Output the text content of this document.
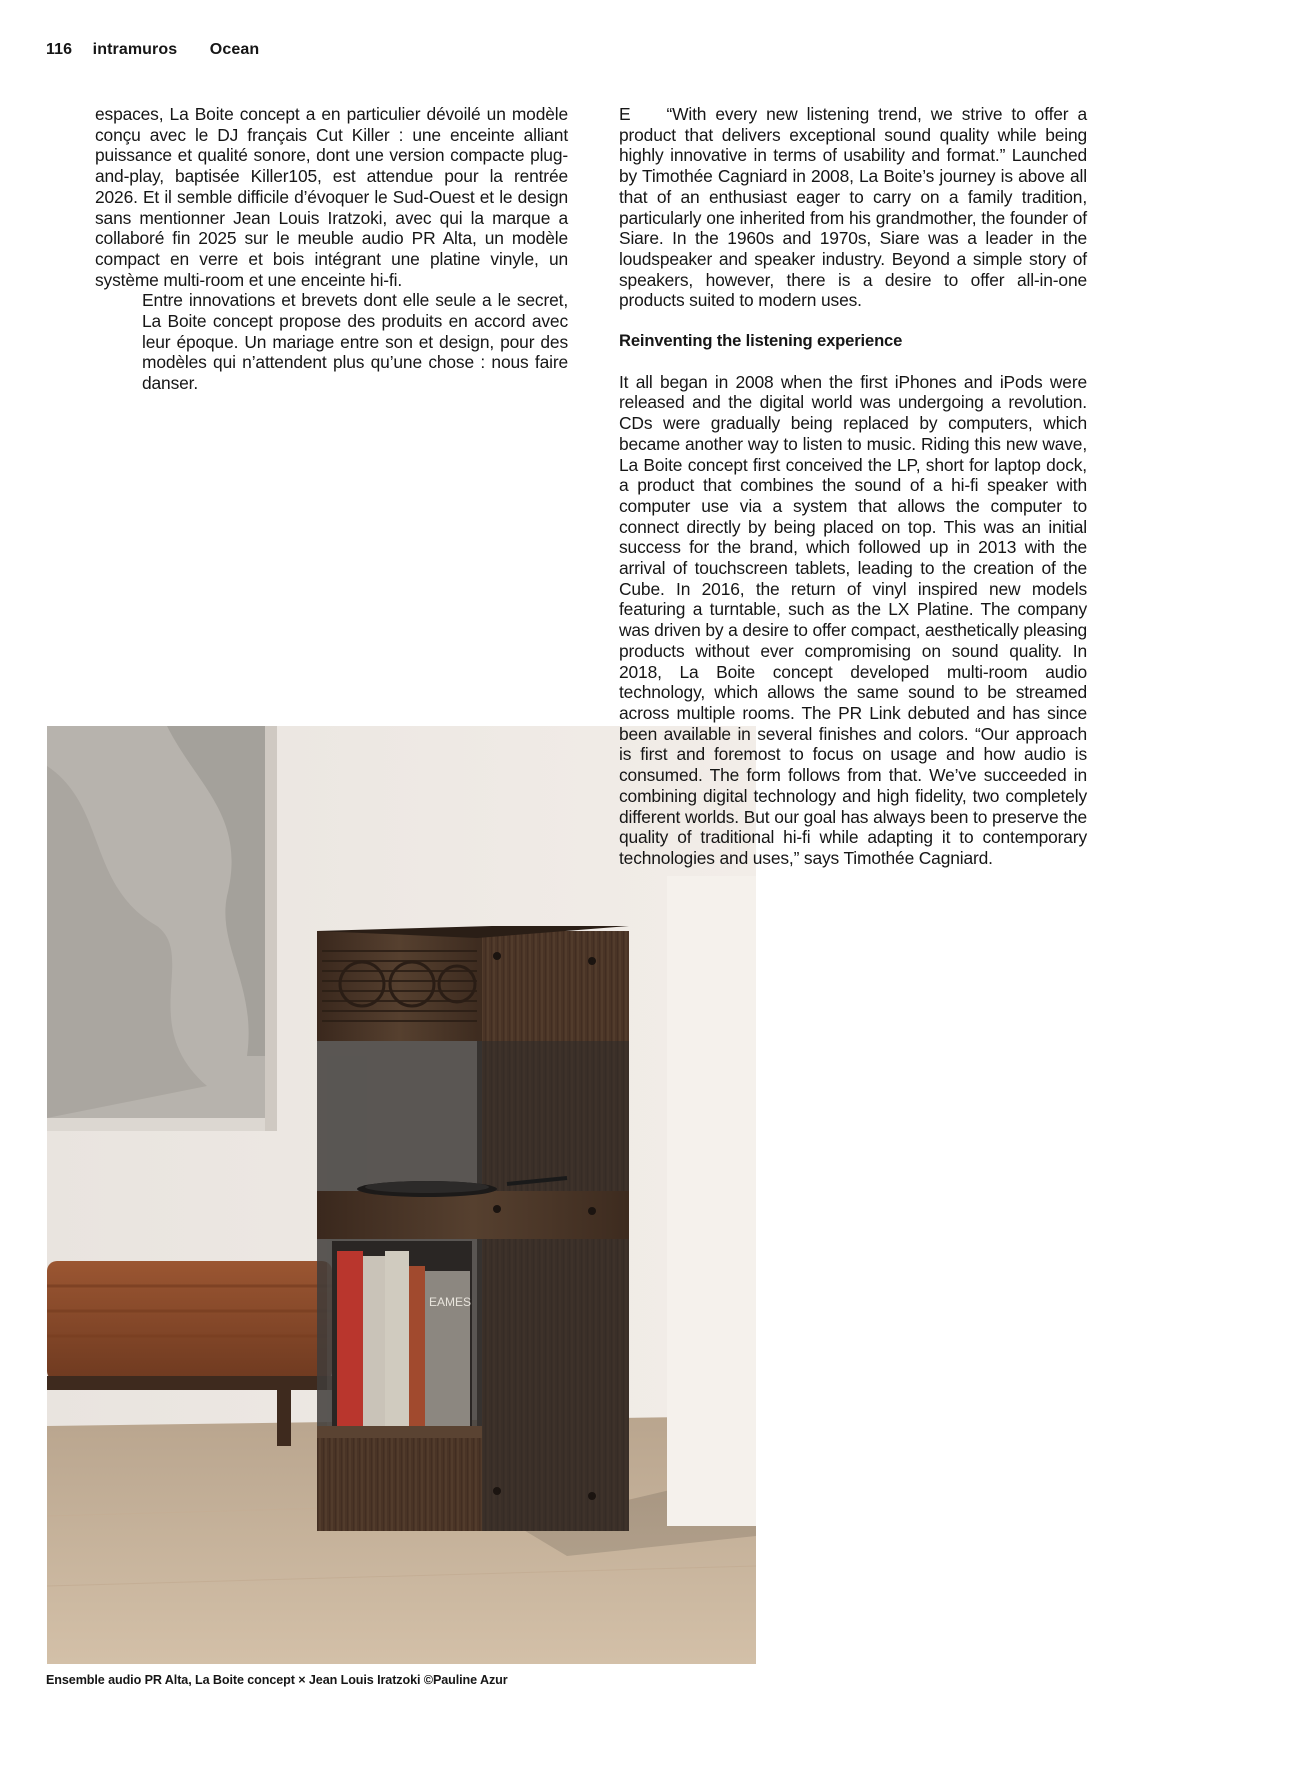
116 intramuros Ocean

espaces, La Boite concept a en particulier dévoilé un modèle conçu avec le DJ français Cut Killer : une enceinte alliant puissance et qualité sonore, dont une version compacte plug-and-play, baptisée Killer105, est attendue pour la rentrée 2026. Et il semble difficile d’évoquer le Sud-Ouest et le design sans mentionner Jean Louis Iratzoki, avec qui la marque a collaboré fin 2025 sur le meuble audio PR Alta, un modèle compact en verre et bois intégrant une platine vinyle, un système multi-room et une enceinte hi-fi.

Entre innovations et brevets dont elle seule a le secret, La Boite concept propose des produits en accord avec leur époque. Un mariage entre son et design, pour des modèles qui n’attendent plus qu’une chose : nous faire danser.

E “With every new listening trend, we strive to offer a product that delivers exceptional sound quality while being highly innovative in terms of usability and format.” Launched by Timothée Cagniard in 2008, La Boite’s journey is above all that of an enthusiast eager to carry on a family tradition, particularly one inherited from his grandmother, the founder of Siare. In the 1960s and 1970s, Siare was a leader in the loudspeaker and speaker industry. Beyond a simple story of speakers, however, there is a desire to offer all-in-one products suited to modern uses.

Reinventing the listening experience

It all began in 2008 when the first iPhones and iPods were released and the digital world was undergoing a revolution. CDs were gradually being replaced by computers, which became another way to listen to music. Riding this new wave, La Boite concept first conceived the LP, short for laptop dock, a product that combines the sound of a hi-fi speaker with computer use via a system that allows the computer to connect directly by being placed on top. This was an initial success for the brand, which followed up in 2013 with the arrival of touchscreen tablets, leading to the creation of the Cube. In 2016, the return of vinyl inspired new models featuring a turntable, such as the LX Platine. The company was driven by a desire to offer compact, aesthetically pleasing products without ever compromising on sound quality. In 2018, La Boite concept developed multi-room audio technology, which allows the same sound to be streamed across multiple rooms. The PR Link debuted and has since been available in several finishes and colors. “Our approach is first and foremost to focus on usage and how audio is consumed. The form follows from that. We’ve succeeded in combining digital technology and high fidelity, two completely different worlds. But our goal has always been to preserve the quality of traditional hi-fi while adapting it to contemporary technologies and uses,” says Timothée Cagniard.

EAMES
Ensemble audio PR Alta, La Boite concept × Jean Louis Iratzoki ©Pauline Azur
